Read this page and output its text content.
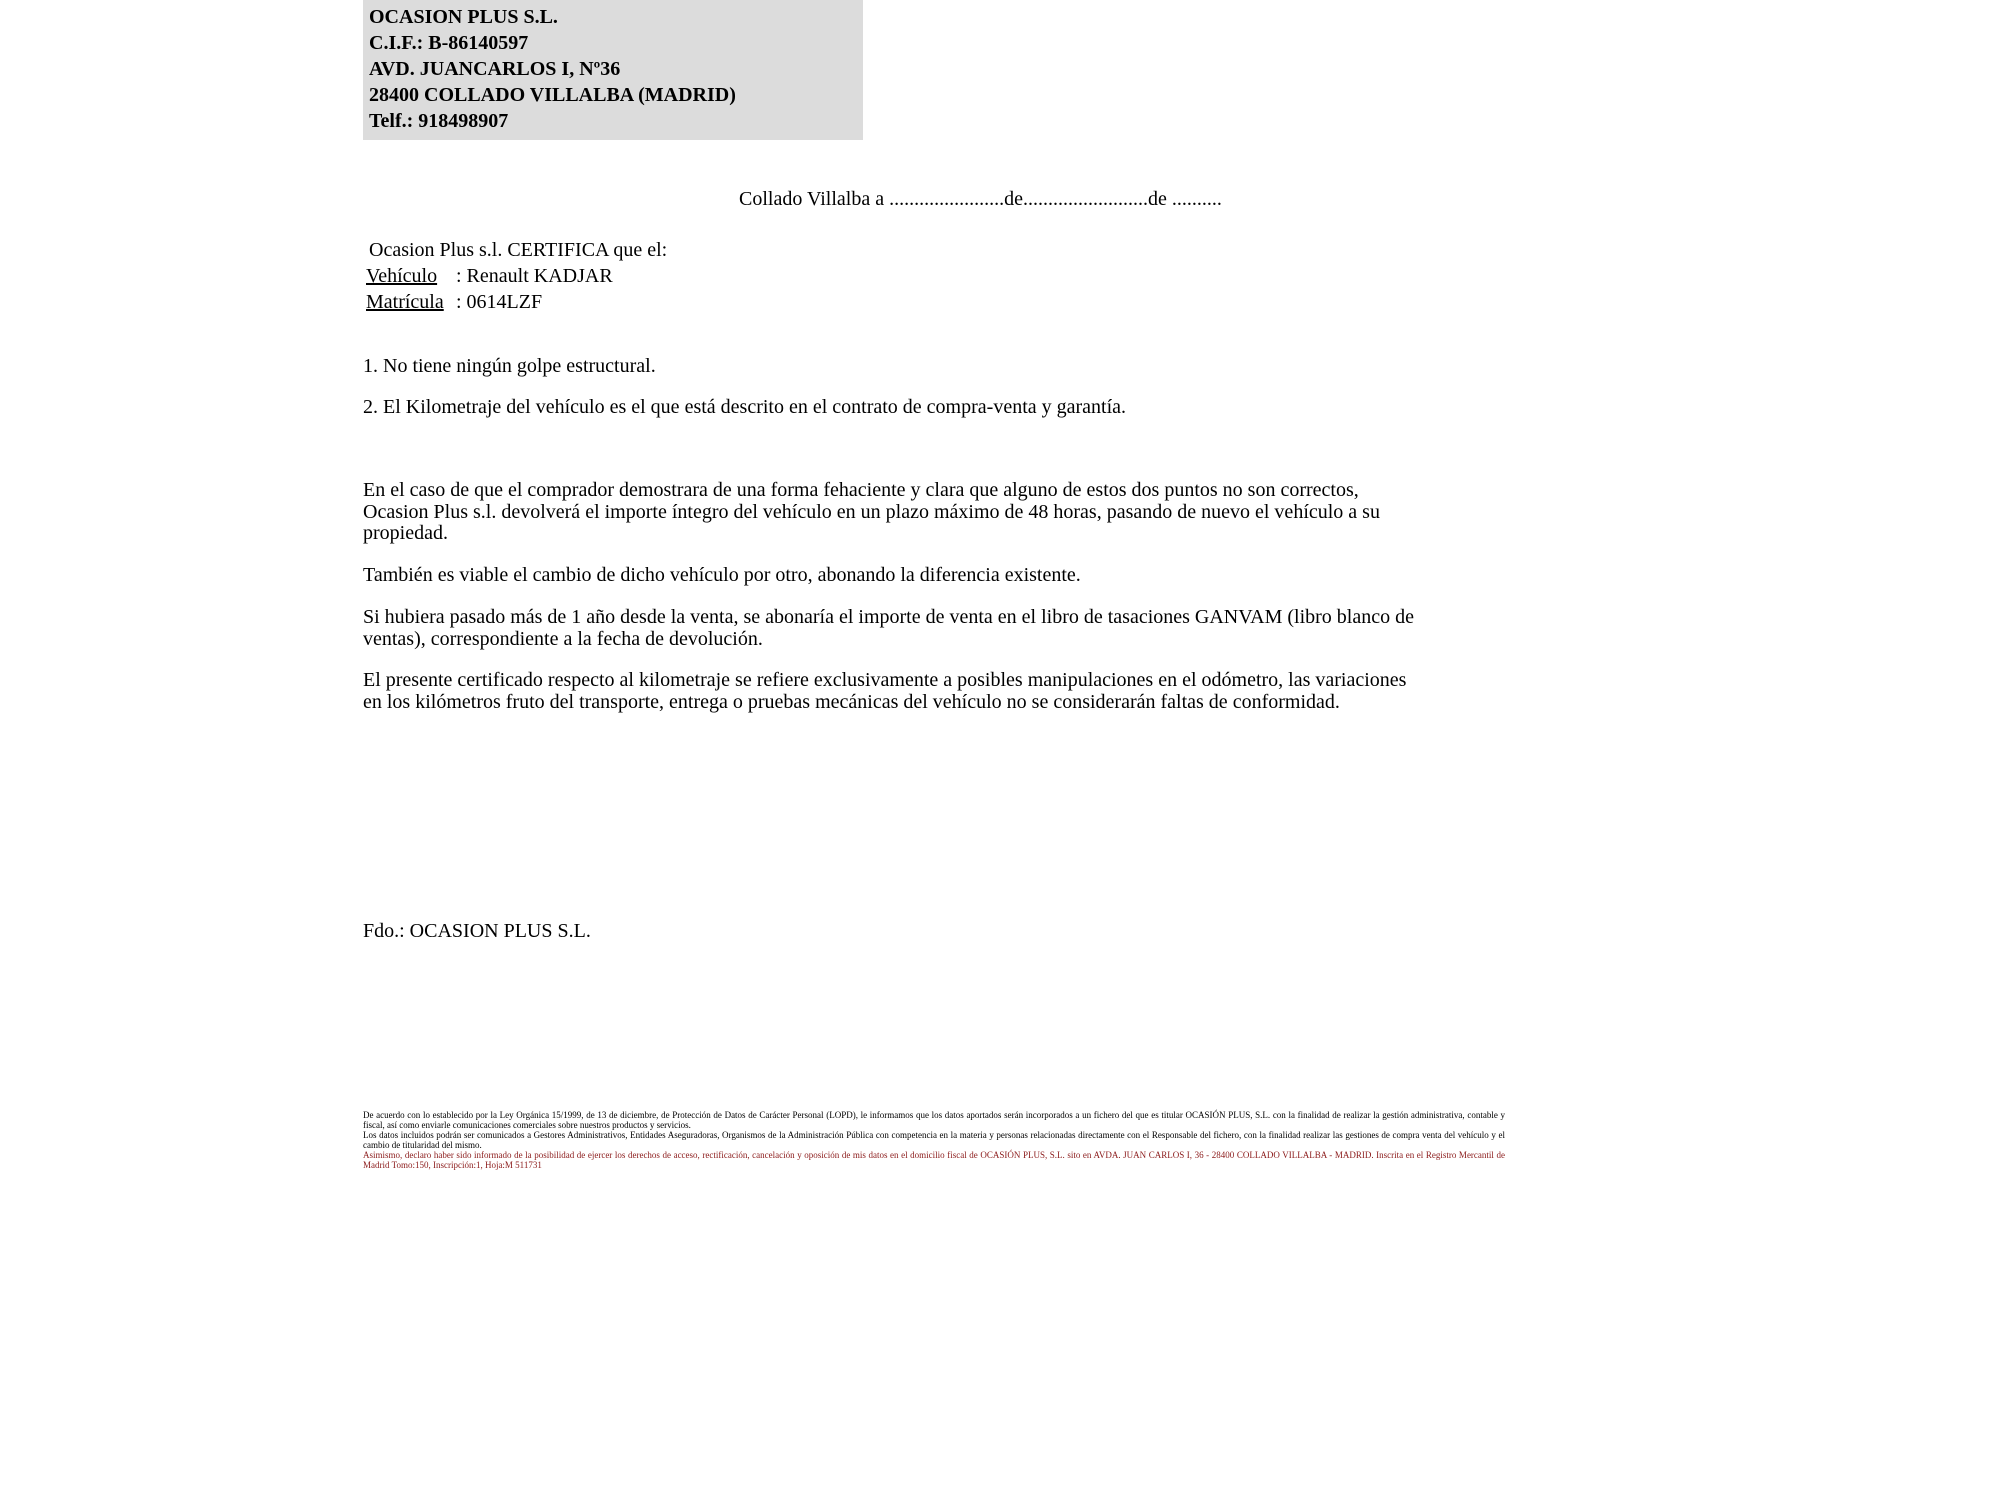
OCASION PLUS S.L.
C.I.F.: B-86140597
AVD. JUANCARLOS I, Nº36
28400 COLLADO VILLALBA (MADRID)
Telf.: 918498907
Collado Villalba a .......................de.........................de ..........
Ocasion Plus s.l. CERTIFICA que el:
Vehículo : Renault KADJAR
Matrícula : 0614LZF
1. No tiene ningún golpe estructural.
2. El Kilometraje del vehículo es el que está descrito en el contrato de compra-venta y garantía.
En el caso de que el comprador demostrara de una forma fehaciente y clara que alguno de estos dos puntos no son correctos, Ocasion Plus s.l. devolverá el importe íntegro del vehículo en un plazo máximo de 48 horas, pasando de nuevo el vehículo a su propiedad.
También es viable el cambio de dicho vehículo por otro, abonando la diferencia existente.
Si hubiera pasado más de 1 año desde la venta, se abonaría el importe de venta en el libro de tasaciones GANVAM (libro blanco de ventas), correspondiente a la fecha de devolución.
El presente certificado respecto al kilometraje se refiere exclusivamente a posibles manipulaciones en el odómetro, las variaciones en los kilómetros fruto del transporte, entrega o pruebas mecánicas del vehículo no se considerarán faltas de conformidad.
Fdo.: OCASION PLUS S.L.
De acuerdo con lo establecido por la Ley Orgánica 15/1999, de 13 de diciembre, de Protección de Datos de Carácter Personal (LOPD), le informamos que los datos aportados serán incorporados a un fichero del que es titular OCASIÓN PLUS, S.L. con la finalidad de realizar la gestión administrativa, contable y fiscal, así como enviarle comunicaciones comerciales sobre nuestros productos y servicios.
Los datos incluidos podrán ser comunicados a Gestores Administrativos, Entidades Aseguradoras, Organismos de la Administración Pública con competencia en la materia y personas relacionadas directamente con el Responsable del fichero, con la finalidad realizar las gestiones de compra venta del vehículo y el cambio de titularidad del mismo.
Asimismo, declaro haber sido informado de la posibilidad de ejercer los derechos de acceso, rectificación, cancelación y oposición de mis datos en el domicilio fiscal de OCASIÓN PLUS, S.L. sito en AVDA. JUAN CARLOS I, 36 - 28400 COLLADO VILLALBA - MADRID. Inscrita en el Registro Mercantil de Madrid Tomo:150, Inscripción:1, Hoja:M 511731
